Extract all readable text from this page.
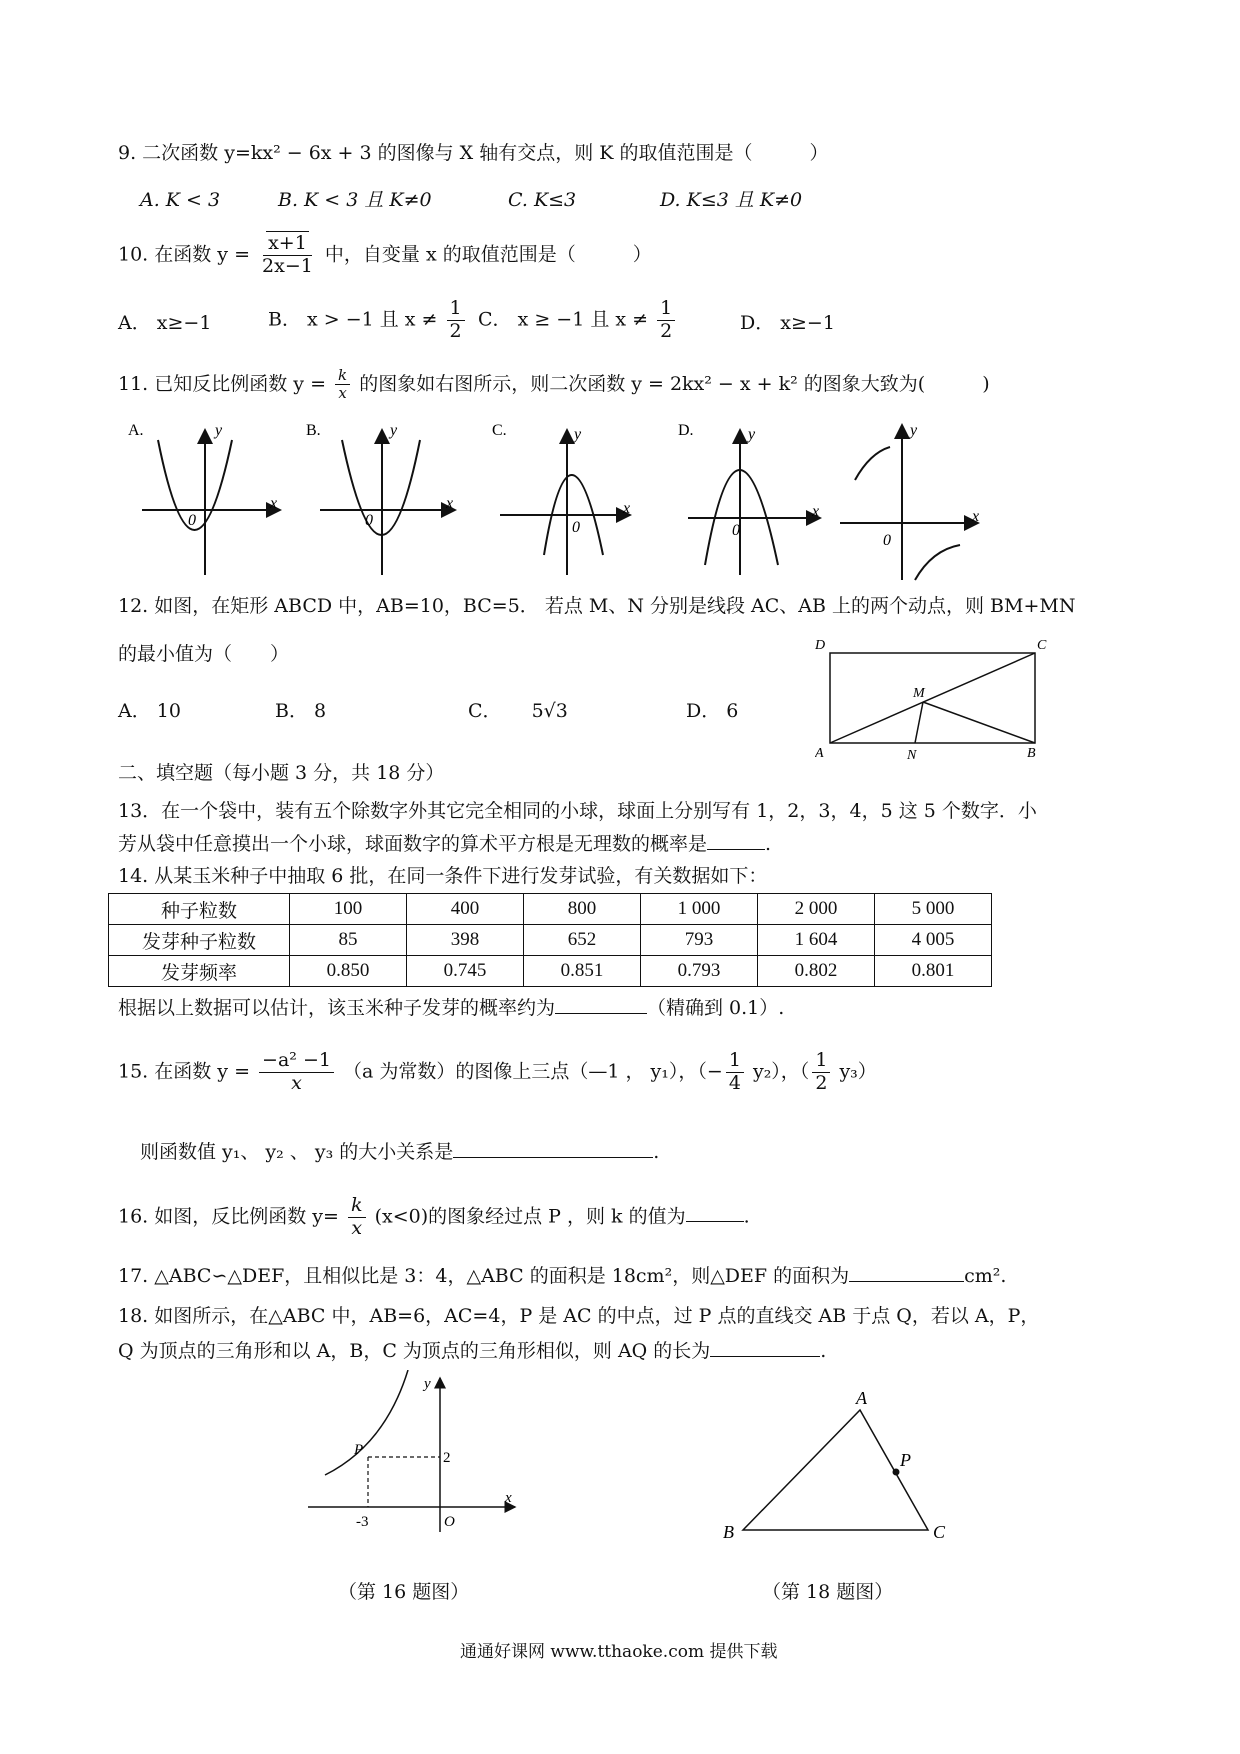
9. 二次函数 y=kx² − 6x + 3 的图像与 X 轴有交点，则 K 的取值范围是（　　　）
A. K < 3	B. K < 3 且 K≠0	C. K≤3	D. K≤3 且 K≠0
10. 在函数 $y = \frac{x+1}{2x-1}$ 中，自变量 x 的取值范围是（　　　）
A． x≥−1	B． x > −1 且 $x \ne \frac{1}{2}$ C． x ≥ −1 且 $x \ne \frac{1}{2}$	D． x≥−1
11. 已知反比例函数 $y = \frac{k}{x}$ 的图象如右图所示，则二次函数 y = 2kx² − x + k² 的图象大致为(　　　)
A.	y
x
0
B.	y
x
0
C.	y
x
0
D.	y
x
0
y
x
0
12. 如图，在矩形 ABCD 中，AB=10，BC=5． 若点 M、N 分别是线段 AC、AB 上的两个动点，则 BM+MN
的最小值为（　　）
A． 10	B． 8	C． 5√3	D． 6
D	C
A	B
M
N
二、填空题（每小题 3 分，共 18 分）
13．在一个袋中，装有五个除数字外其它完全相同的小球，球面上分别写有 1，2，3，4，5 这 5 个数字．小
芳从袋中任意摸出一个小球，球面数字的算术平方根是无理数的概率是	.
14. 从某玉米种子中抽取 6 批，在同一条件下进行发芽试验，有关数据如下：
种子粒数	100	400	800	1 000	2 000	5 000
发芽种子粒数	85	398	652	793	1 604	4 005
发芽频率	0.850	0.745	0.851	0.793	0.802	0.801
根据以上数据可以估计，该玉米种子发芽的概率约为	（精确到 0.1）.
15. 在函数 $y = \frac{\text{−a² −1}}{x} (a$ 为常数）的图像上三点（—1 ， y₁），（− $\frac{1}{4} y_2$），（ $\frac{1}{2} y_3$）
则函数值 y₁、 y₂ 、 y₃ 的大小关系是	.
16. 如图，反比例函数 $y= \frac{k}{x} (x<0)$的图象经过点 P ，则 k 的值为	.
17. △ABC∽△DEF，且相似比是 3：4，△ABC 的面积是 18cm²，则△DEF 的面积为	cm².
18. 如图所示，在△ABC 中，AB=6，AC=4，P 是 AC 的中点，过 P 点的直线交 AB 于点 Q，若以 A，P，
Q 为顶点的三角形和以 A，B，C 为顶点的三角形相似，则 AQ 的长为	.
y
x
P	2
-3	O
（第 16 题图）
A
B	C
P
（第 18 题图）
通通好课网 www.tthaoke.com 提供下载
